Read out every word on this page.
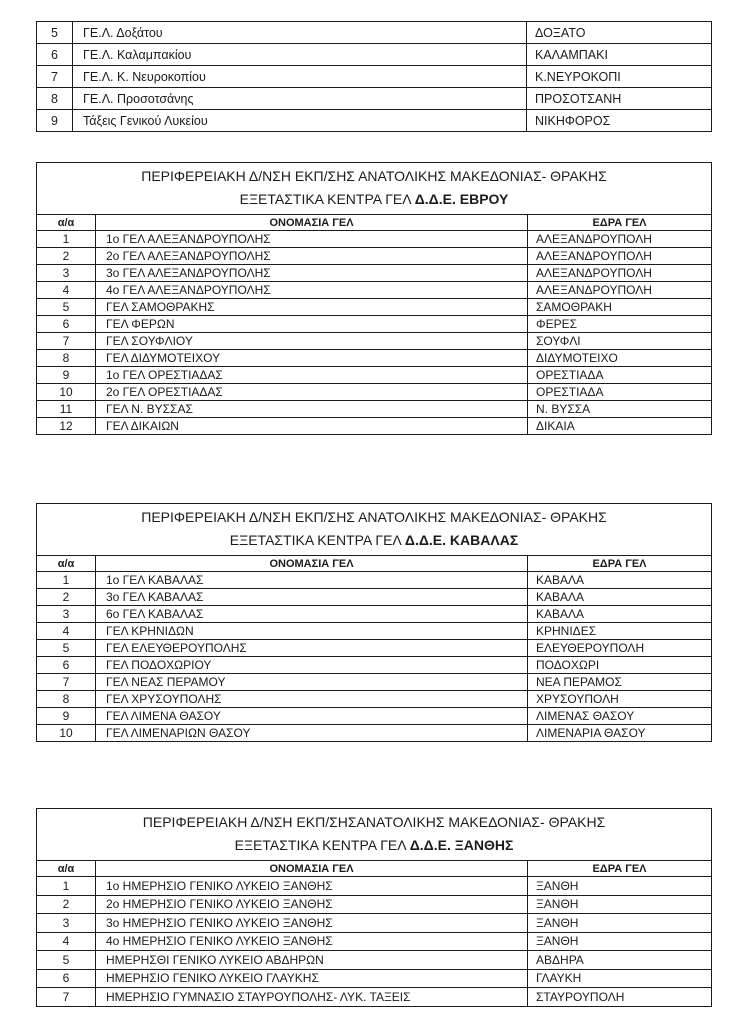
5	ΓΕ.Λ. Δοξάτου	ΔΟΞΑΤΟ
6	ΓΕ.Λ. Καλαμπακίου	ΚΑΛΑΜΠΑΚΙ
7	ΓΕ.Λ. Κ. Νευροκοπίου	Κ.ΝΕΥΡΟΚΟΠΙ
8	ΓΕ.Λ. Προσοτσάνης	ΠΡΟΣΟΤΣΑΝΗ
9	Τάξεις Γενικού Λυκείου	ΝΙΚΗΦΟΡΟΣ
ΠΕΡΙΦΕΡΕΙΑΚΗ Δ/ΝΣΗ ΕΚΠ/ΣΗΣ ΑΝΑΤΟΛΙΚΗΣ ΜΑΚΕΔΟΝΙΑΣ- ΘΡΑΚΗΣ
ΕΞΕΤΑΣΤΙΚΑ ΚΕΝΤΡΑ ΓΕΛ Δ.Δ.Ε. ΕΒΡΟΥ		

α/α	ΟΝΟΜΑΣΙΑ ΓΕΛ	ΕΔΡΑ ΓΕΛ
1	1ο ΓΕΛ ΑΛΕΞΑΝΔΡΟΥΠΟΛΗΣ	ΑΛΕΞΑΝΔΡΟΥΠΟΛΗ
2	2ο ΓΕΛ ΑΛΕΞΑΝΔΡΟΥΠΟΛΗΣ	ΑΛΕΞΑΝΔΡΟΥΠΟΛΗ
3	3ο ΓΕΛ ΑΛΕΞΑΝΔΡΟΥΠΟΛΗΣ	ΑΛΕΞΑΝΔΡΟΥΠΟΛΗ
4	4ο ΓΕΛ ΑΛΕΞΑΝΔΡΟΥΠΟΛΗΣ	ΑΛΕΞΑΝΔΡΟΥΠΟΛΗ
5	ΓΕΛ ΣΑΜΟΘΡΑΚΗΣ	ΣΑΜΟΘΡΑΚΗ
6	ΓΕΛ ΦΕΡΩΝ	ΦΕΡΕΣ
7	ΓΕΛ ΣΟΥΦΛΙΟΥ	ΣΟΥΦΛΙ
8	ΓΕΛ ΔΙΔΥΜΟΤΕΙΧΟΥ	ΔΙΔΥΜΟΤΕΙΧΟ
9	1ο ΓΕΛ ΟΡΕΣΤΙΑΔΑΣ	ΟΡΕΣΤΙΑΔΑ
10	2ο ΓΕΛ ΟΡΕΣΤΙΑΔΑΣ	ΟΡΕΣΤΙΑΔΑ
11	ΓΕΛ Ν. ΒΥΣΣΑΣ	Ν. ΒΥΣΣΑ
12	ΓΕΛ ΔΙΚΑΙΩΝ	ΔΙΚΑΙΑ
ΠΕΡΙΦΕΡΕΙΑΚΗ Δ/ΝΣΗ ΕΚΠ/ΣΗΣ ΑΝΑΤΟΛΙΚΗΣ ΜΑΚΕΔΟΝΙΑΣ- ΘΡΑΚΗΣ
ΕΞΕΤΑΣΤΙΚΑ ΚΕΝΤΡΑ ΓΕΛ Δ.Δ.Ε. ΚΑΒΑΛΑΣ		

α/α	ΟΝΟΜΑΣΙΑ ΓΕΛ	ΕΔΡΑ ΓΕΛ
1	1ο ΓΕΛ ΚΑΒΑΛΑΣ	ΚΑΒΑΛΑ
2	3ο ΓΕΛ ΚΑΒΑΛΑΣ	ΚΑΒΑΛΑ
3	6ο ΓΕΛ ΚΑΒΑΛΑΣ	ΚΑΒΑΛΑ
4	ΓΕΛ ΚΡΗΝΙΔΩΝ	ΚΡΗΝΙΔΕΣ
5	ΓΕΛ ΕΛΕΥΘΕΡΟΥΠΟΛΗΣ	ΕΛΕΥΘΕΡΟΥΠΟΛΗ
6	ΓΕΛ ΠΟΔΟΧΩΡΙΟΥ	ΠΟΔΟΧΩΡΙ
7	ΓΕΛ ΝΕΑΣ ΠΕΡΑΜΟΥ	ΝΕΑ ΠΕΡΑΜΟΣ
8	ΓΕΛ ΧΡΥΣΟΥΠΟΛΗΣ	ΧΡΥΣΟΥΠΟΛΗ
9	ΓΕΛ ΛΙΜΕΝΑ ΘΑΣΟΥ	ΛΙΜΕΝΑΣ ΘΑΣΟΥ
10	ΓΕΛ ΛΙΜΕΝΑΡΙΩΝ ΘΑΣΟΥ	ΛΙΜΕΝΑΡΙΑ ΘΑΣΟΥ
ΠΕΡΙΦΕΡΕΙΑΚΗ Δ/ΝΣΗ ΕΚΠ/ΣΗΣΑΝΑΤΟΛΙΚΗΣ ΜΑΚΕΔΟΝΙΑΣ- ΘΡΑΚΗΣ
ΕΞΕΤΑΣΤΙΚΑ ΚΕΝΤΡΑ ΓΕΛ Δ.Δ.Ε. ΞΑΝΘΗΣ		

α/α	ΟΝΟΜΑΣΙΑ ΓΕΛ	ΕΔΡΑ ΓΕΛ
1	1ο ΗΜΕΡΗΣΙΟ ΓΕΝΙΚΟ ΛΥΚΕΙΟ ΞΑΝΘΗΣ	ΞΑΝΘΗ
2	2ο ΗΜΕΡΗΣΙΟ ΓΕΝΙΚΟ ΛΥΚΕΙΟ ΞΑΝΘΗΣ	ΞΑΝΘΗ
3	3ο ΗΜΕΡΗΣΙΟ ΓΕΝΙΚΟ ΛΥΚΕΙΟ ΞΑΝΘΗΣ	ΞΑΝΘΗ
4	4ο ΗΜΕΡΗΣΙΟ ΓΕΝΙΚΟ ΛΥΚΕΙΟ ΞΑΝΘΗΣ	ΞΑΝΘΗ
5	ΗΜΕΡΗΣΘΙ ΓΕΝΙΚΟ ΛΥΚΕΙΟ ΑΒΔΗΡΩΝ	ΑΒΔΗΡΑ
6	ΗΜΕΡΗΣΙΟ ΓΕΝΙΚΟ ΛΥΚΕΙΟ ΓΛΑΥΚΗΣ	ΓΛΑΥΚΗ
7	ΗΜΕΡΗΣΙΟ ΓΥΜΝΑΣΙΟ ΣΤΑΥΡΟΥΠΟΛΗΣ- ΛΥΚ. ΤΑΞΕΙΣ	ΣΤΑΥΡΟΥΠΟΛΗ
